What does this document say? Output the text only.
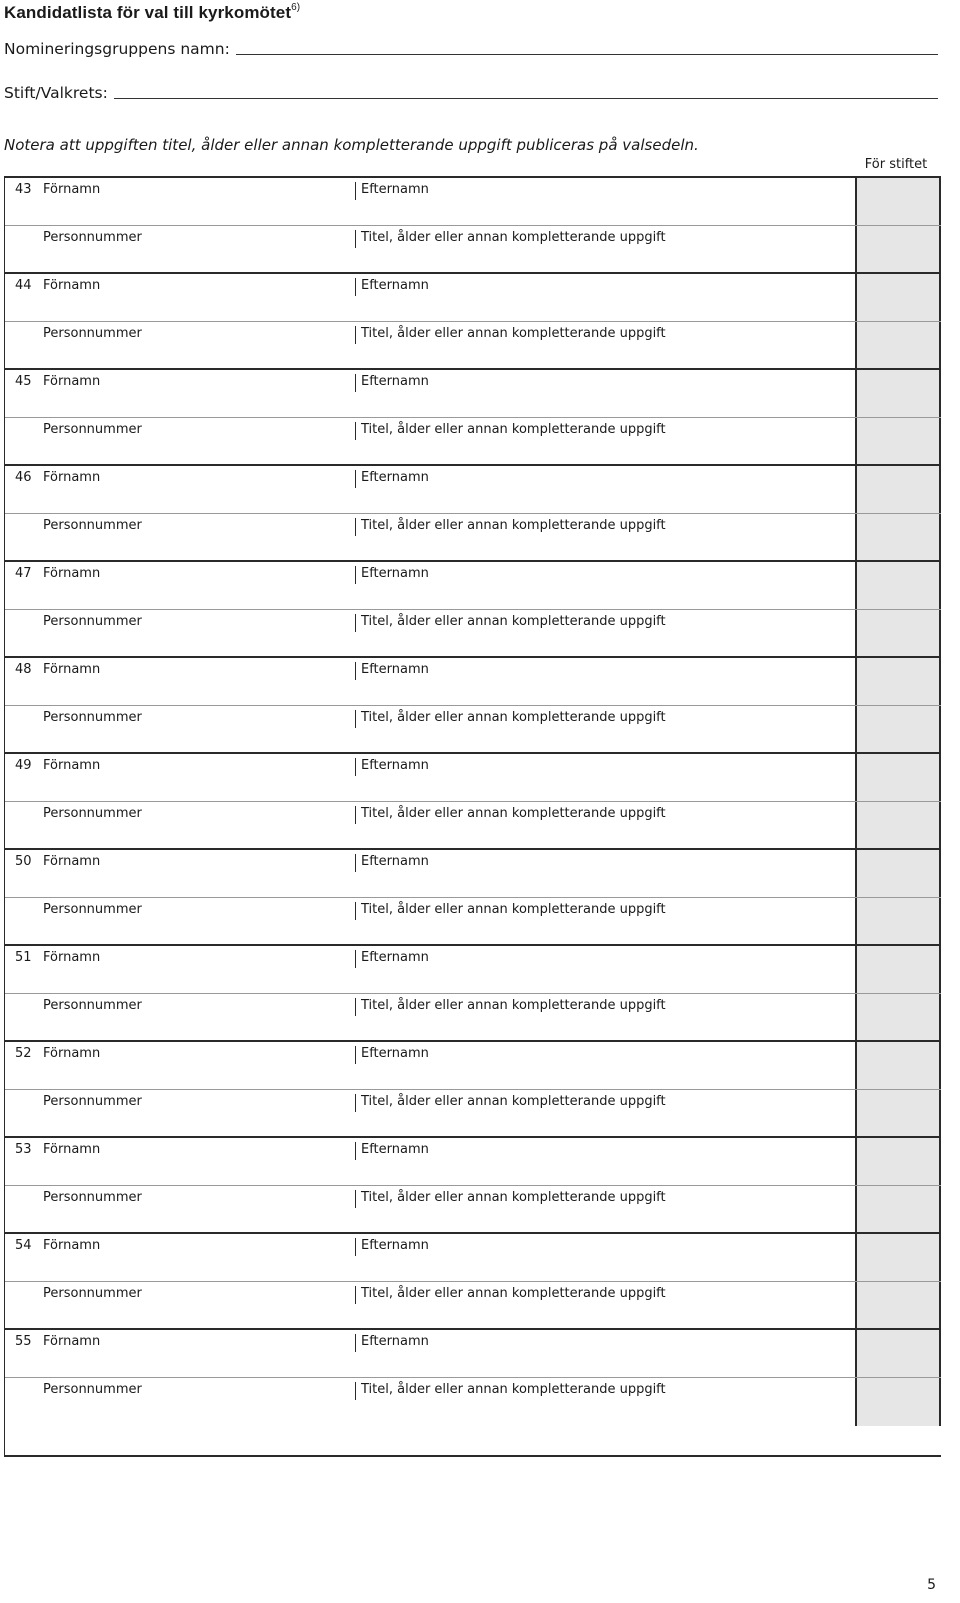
Kandidatlista för val till kyrkomötet$^{6)}$
Nomineringsgruppens namn:
Stift/Valkrets:
Notera att uppgiften titel, ålder eller annan kompletterande uppgift publiceras på valsedeln.
För stiftet
43 Förnamn	Efternamn
Personnummer	Titel, ålder eller annan kompletterande uppgift
44 Förnamn	Efternamn
Personnummer	Titel, ålder eller annan kompletterande uppgift
45 Förnamn	Efternamn
Personnummer	Titel, ålder eller annan kompletterande uppgift
46 Förnamn	Efternamn
Personnummer	Titel, ålder eller annan kompletterande uppgift
47 Förnamn	Efternamn
Personnummer	Titel, ålder eller annan kompletterande uppgift
48 Förnamn	Efternamn
Personnummer	Titel, ålder eller annan kompletterande uppgift
49 Förnamn	Efternamn
Personnummer	Titel, ålder eller annan kompletterande uppgift
50 Förnamn	Efternamn
Personnummer	Titel, ålder eller annan kompletterande uppgift
51 Förnamn	Efternamn
Personnummer	Titel, ålder eller annan kompletterande uppgift
52 Förnamn	Efternamn
Personnummer	Titel, ålder eller annan kompletterande uppgift
53 Förnamn	Efternamn
Personnummer	Titel, ålder eller annan kompletterande uppgift
54 Förnamn	Efternamn
Personnummer	Titel, ålder eller annan kompletterande uppgift
55 Förnamn	Efternamn
Personnummer	Titel, ålder eller annan kompletterande uppgift
5
